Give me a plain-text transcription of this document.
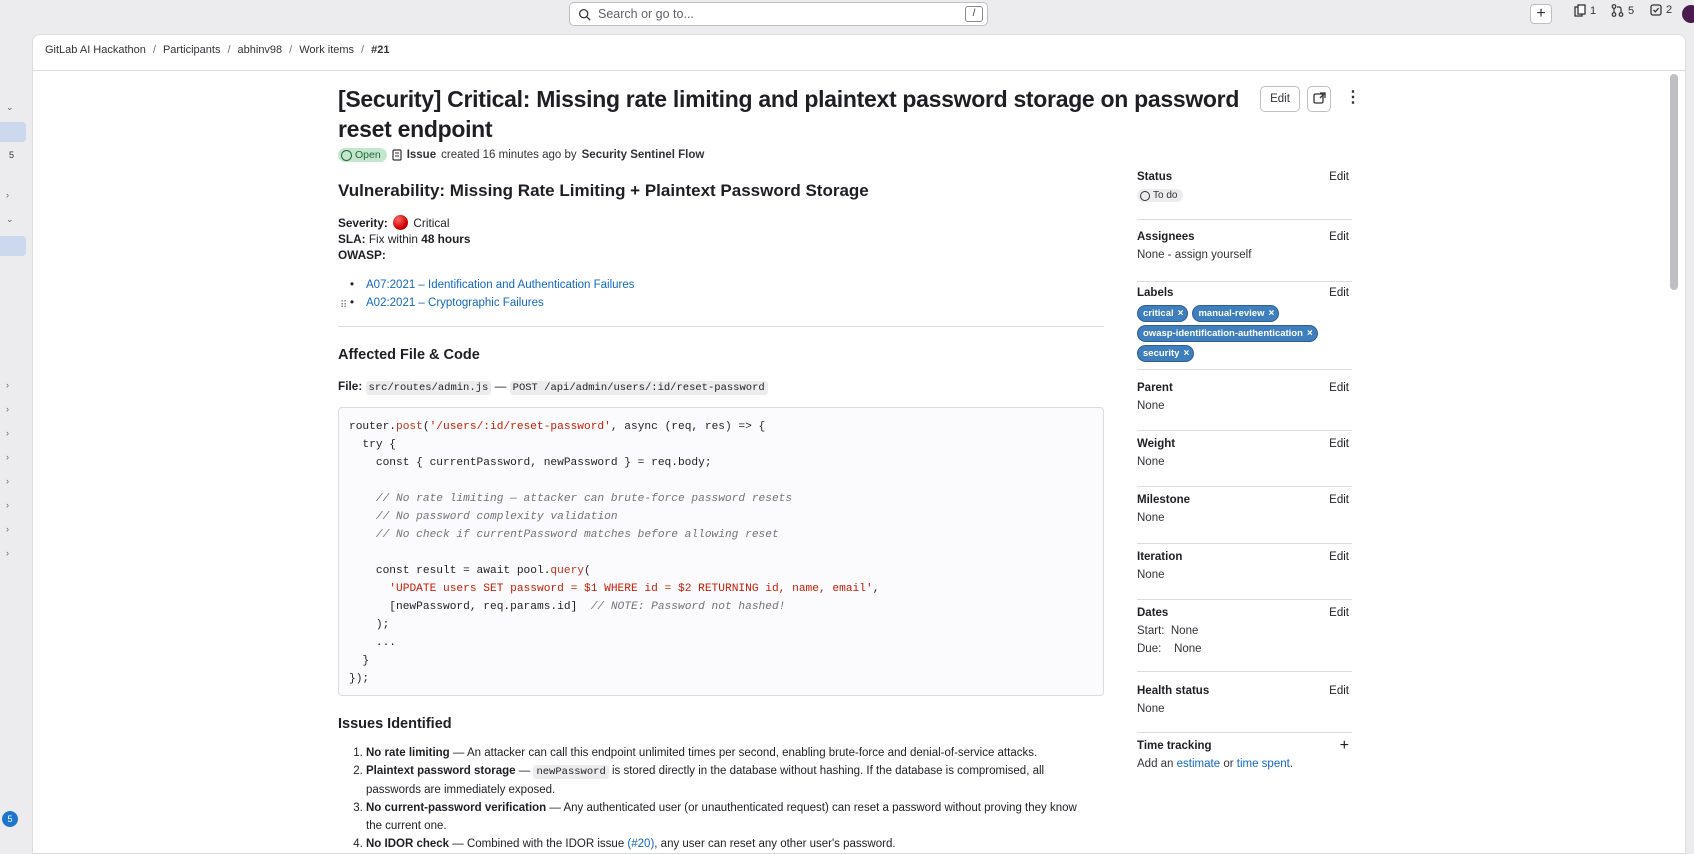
Search or go to...	/	+	1	5	2
⌄
5
›
⌄
›
›
›
›
›
›
›
›
5
GitLab AI Hackathon / Participants / abhinv98 / Work items / #21
[Security] Critical: Missing rate limiting and plaintext password storage on password reset endpoint
Edit	⋮
Open Issue created 16 minutes ago by Security Sentinel Flow
Vulnerability: Missing Rate Limiting + Plaintext Password Storage
Severity: Critical
SLA: Fix within 48 hours
OWASP:
• A07:2021 – Identification and Authentication Failures
⠿
•	A02:2021 – Cryptographic Failures
Affected File & Code
File: src/routes/admin.js — POST /api/admin/users/:id/reset-password
router.post('/users/:id/reset-password', async (req, res) => {
try {
const { currentPassword, newPassword } = req.body;

// No rate limiting — attacker can brute-force password resets
// No password complexity validation
// No check if currentPassword matches before allowing reset

const result = await pool.query(
'UPDATE users SET password = $1 WHERE id = $2 RETURNING id, name, email',
[newPassword, req.params.id]  // NOTE: Password not hashed!
);
...
}
});
Issues Identified
1. No rate limiting — An attacker can call this endpoint unlimited times per second, enabling brute-force and denial-of-service attacks.
2. Plaintext password storage — newPassword is stored directly in the database without hashing. If the database is compromised, all passwords are immediately exposed.
3. No current-password verification — Any authenticated user (or unauthenticated request) can reset a password without proving they know the current one.
4. No IDOR check — Combined with the IDOR issue (#20), any user can reset any other user's password.
Status	Edit
To do
Assignees	Edit
None - assign yourself
Labels	Edit
critical × manual-review ×
owasp-identification-authentication ×
security ×
Parent	Edit
None
Weight	Edit
None
Milestone	Edit
None
Iteration	Edit
None
Dates	Edit
Start: None
Due: None
Health status	Edit
None
Time tracking	+
Add an estimate or time spent.
